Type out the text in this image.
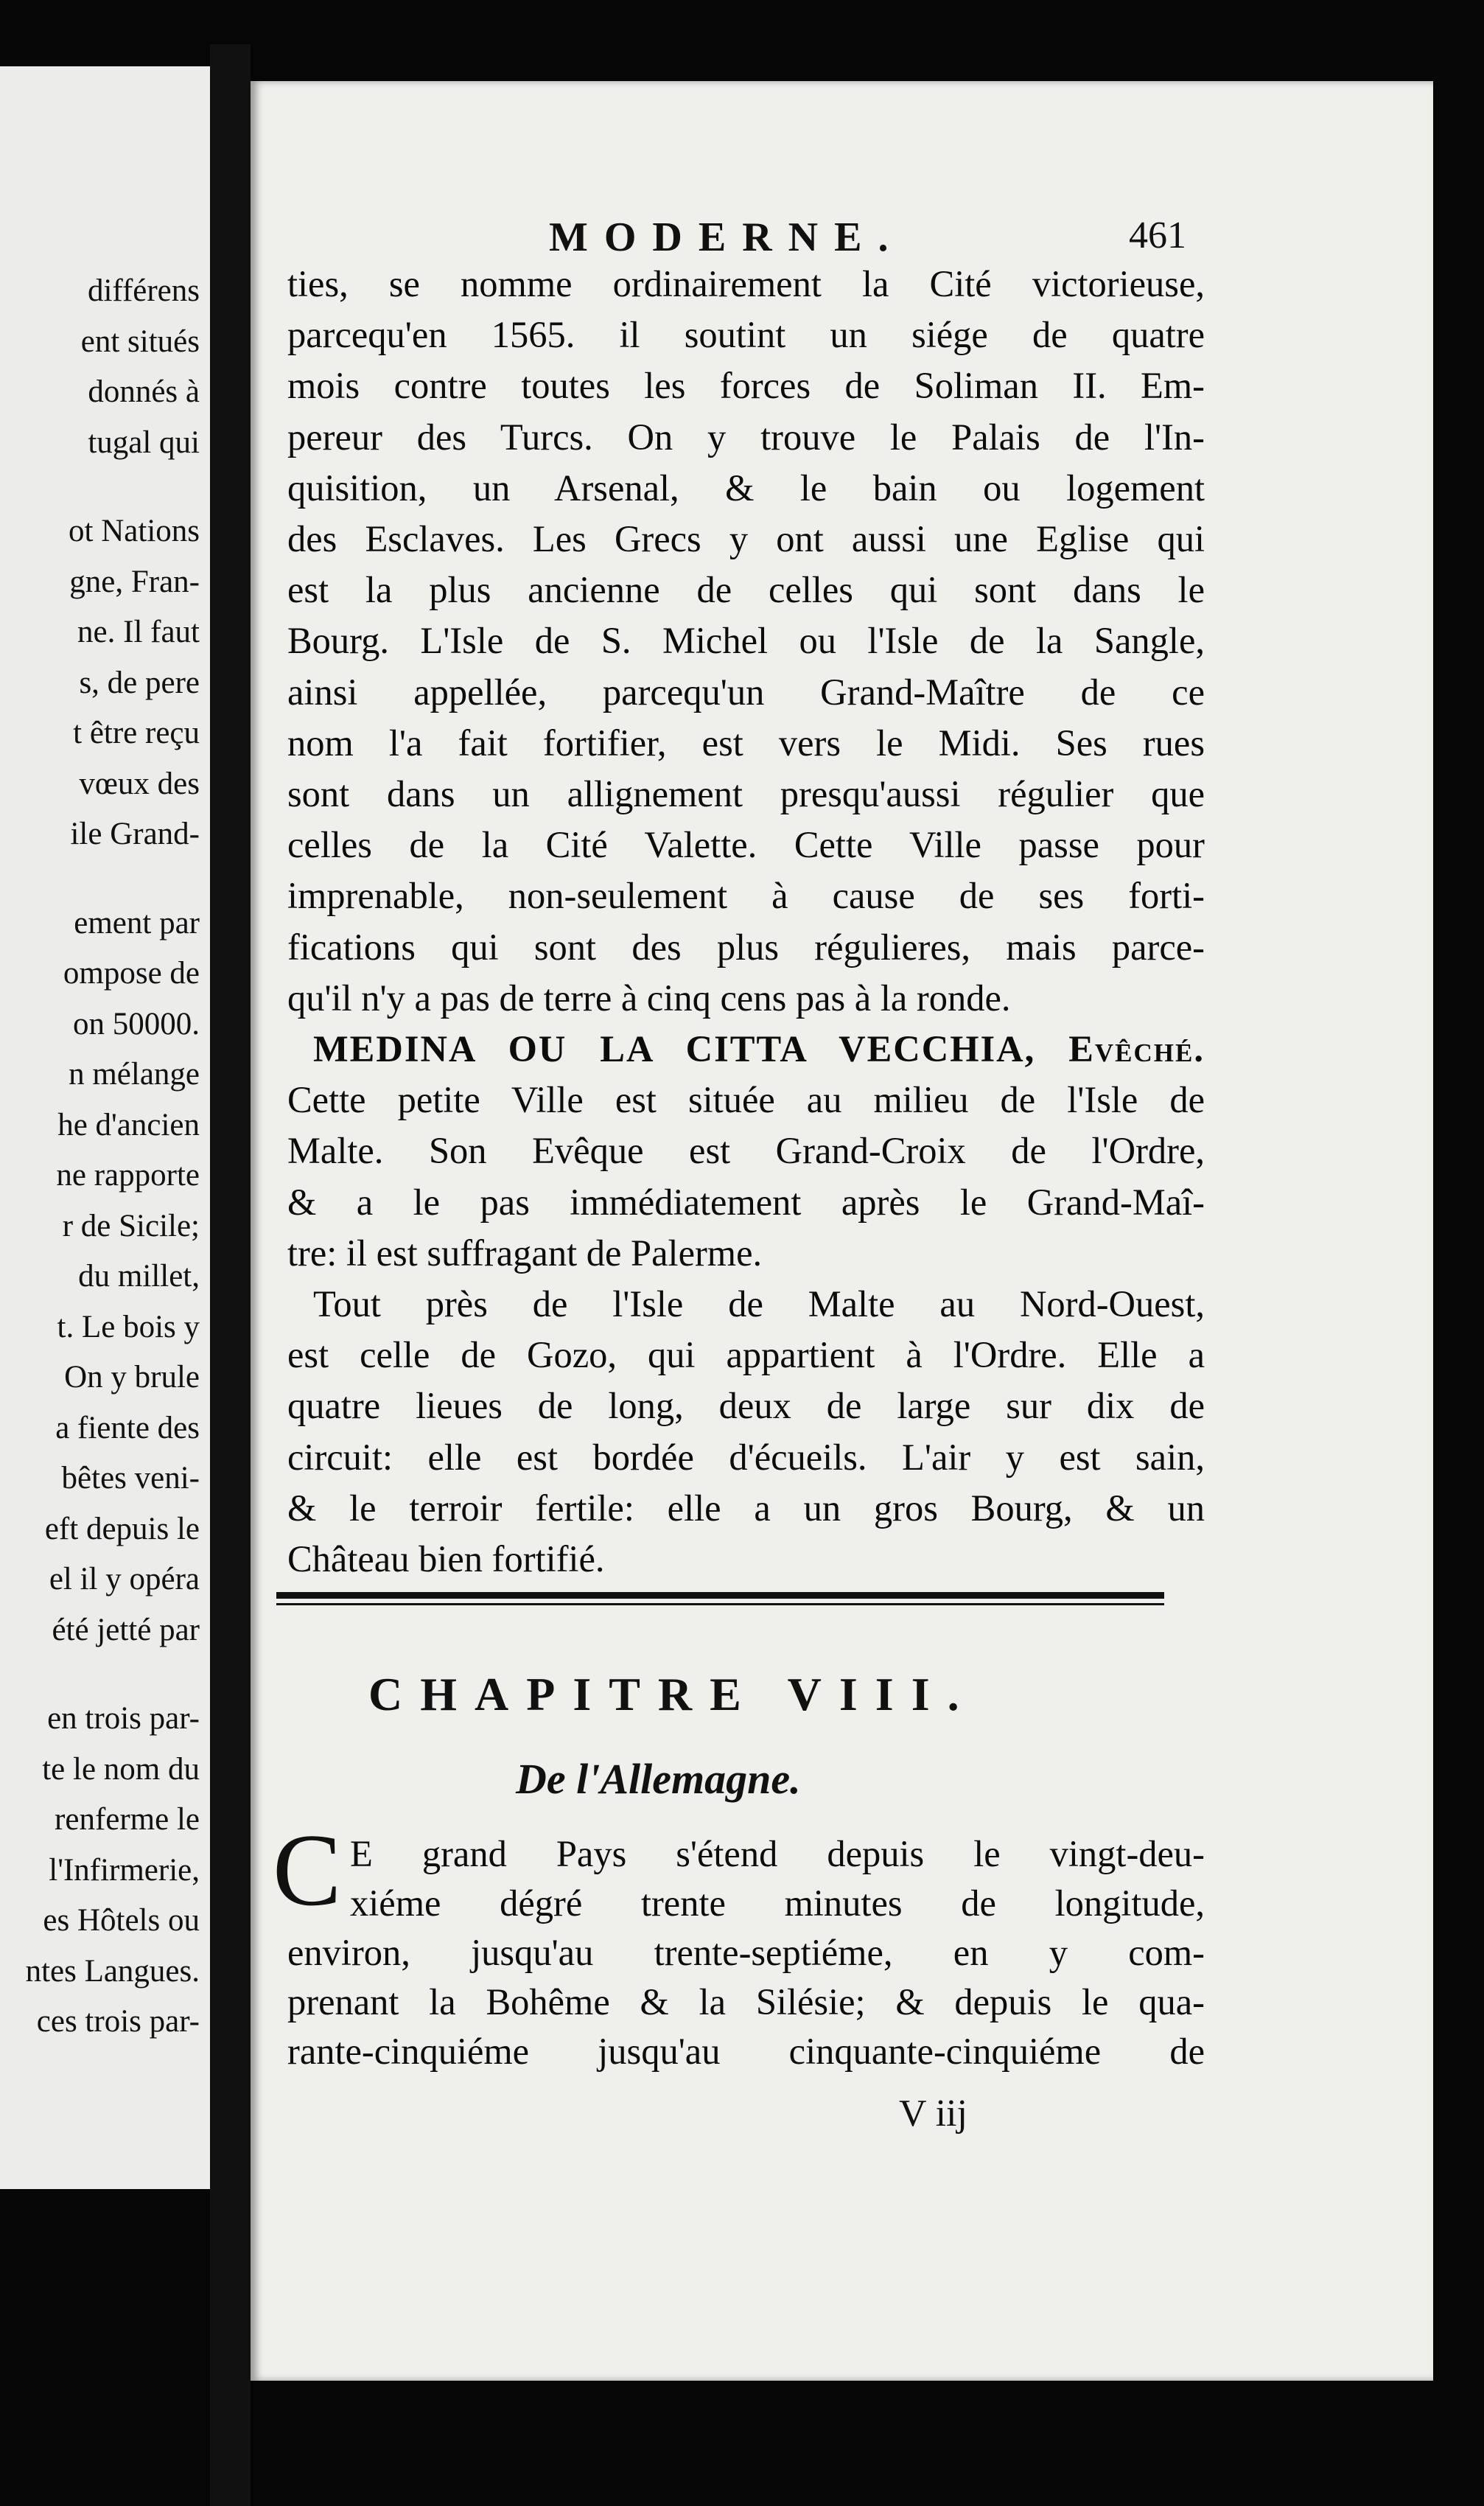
différens
ent situés
donnés à
tugal qui
ot Nations
gne, Fran-
ne. Il faut
s, de pere
t être reçu
vœux des
ile Grand-
ement par
ompose de
on 50000.
n mélange
he d'ancien
ne rapporte
r de Sicile;
du millet,
t. Le bois y
On y brule
a fiente des
bêtes veni-
eft depuis le
el il y opéra
été jetté par
en trois par-
te le nom du
renferme le
l'Infirmerie,
es Hôtels ou
ntes Langues.
ces trois par-
MODERNE.	461
ties, se nomme ordinairement la Cité victorieuse,
parcequ'en 1565. il soutint un siége de quatre
mois contre toutes les forces de Soliman II. Em-
pereur des Turcs. On y trouve le Palais de l'In-
quisition, un Arsenal, & le bain ou logement
des Esclaves. Les Grecs y ont aussi une Eglise qui
est la plus ancienne de celles qui sont dans le
Bourg. L'Isle de S. Michel ou l'Isle de la Sangle,
ainsi appellée, parcequ'un Grand-Maître de ce
nom l'a fait fortifier, est vers le Midi. Ses rues
sont dans un allignement presqu'aussi régulier que
celles de la Cité Valette. Cette Ville passe pour
imprenable, non-seulement à cause de ses forti-
fications qui sont des plus régulieres, mais parce-
qu'il n'y a pas de terre à cinq cens pas à la ronde.
MEDINA OU LA CITTA VECCHIA, Evêché.
Cette petite Ville est située au milieu de l'Isle de
Malte. Son Evêque est Grand-Croix de l'Ordre,
& a le pas immédiatement après le Grand-Maî-
tre: il est suffragant de Palerme.
Tout près de l'Isle de Malte au Nord-Ouest,
est celle de Gozo, qui appartient à l'Ordre. Elle a
quatre lieues de long, deux de large sur dix de
circuit: elle est bordée d'écueils. L'air y est sain,
& le terroir fertile: elle a un gros Bourg, & un
Château bien fortifié.
CHAPITRE VIII.
De l'Allemagne.
C E grand Pays s'étend depuis le vingt-deu-
xiéme dégré trente minutes de longitude,
environ, jusqu'au trente-septiéme, en y com-
prenant la Bohême & la Silésie; & depuis le qua-
rante-cinquiéme jusqu'au cinquante-cinquiéme de
V iij
